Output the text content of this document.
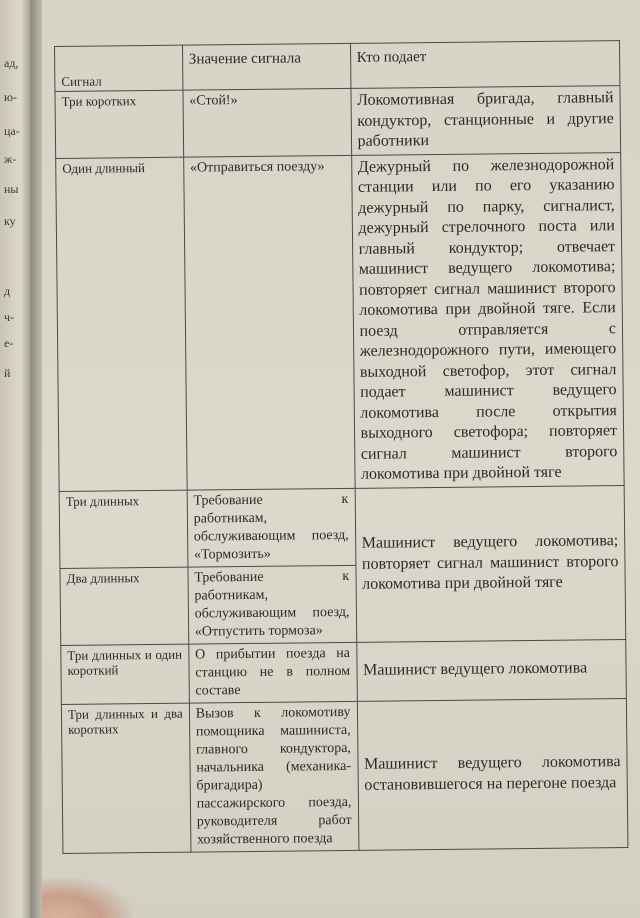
ад,
ю-
ца-
ж-
ны
ку
д
ч-
е-
й
Сигнал	Значение сигнала	Кто подает
Три коротких	«Стой!»	Локомотивная бригада, главный кондуктор, станционные и другие работники
Один длинный	«Отправиться поезду»	Дежурный по железнодорожной станции или по его указанию дежурный по парку, сигналист, дежурный стрелочного поста или главный кондуктор; отвечает машинист ведущего локомотива; повторяет сигнал машинист второго локомотива при двойной тяге. Если поезд отправляется с железнодорожного пути, имеющего выходной светофор, этот сигнал подает машинист ведущего локомотива после открытия выходного светофора; повторяет сигнал машинист второго локомотива при двойной тяге
Три длинных	Требование к работникам, обслуживающим поезд, «Тормозить»	Машинист ведущего локомотива; повторяет сигнал машинист второго локомотива при двойной тяге
Два длинных	Требование к работникам, обслуживающим поезд, «Отпустить тормоза»	
Три длинных и один короткий	О прибытии поезда на станцию не в полном составе	Машинист ведущего локомотива
Три длинных и два коротких	Вызов к локомотиву помощника машиниста, главного кондуктора, начальника (механика-бригадира) пассажирского поезда, руководителя работ хозяйственного поезда	Машинист ведущего локомотива остановившегося на перегоне поезда
